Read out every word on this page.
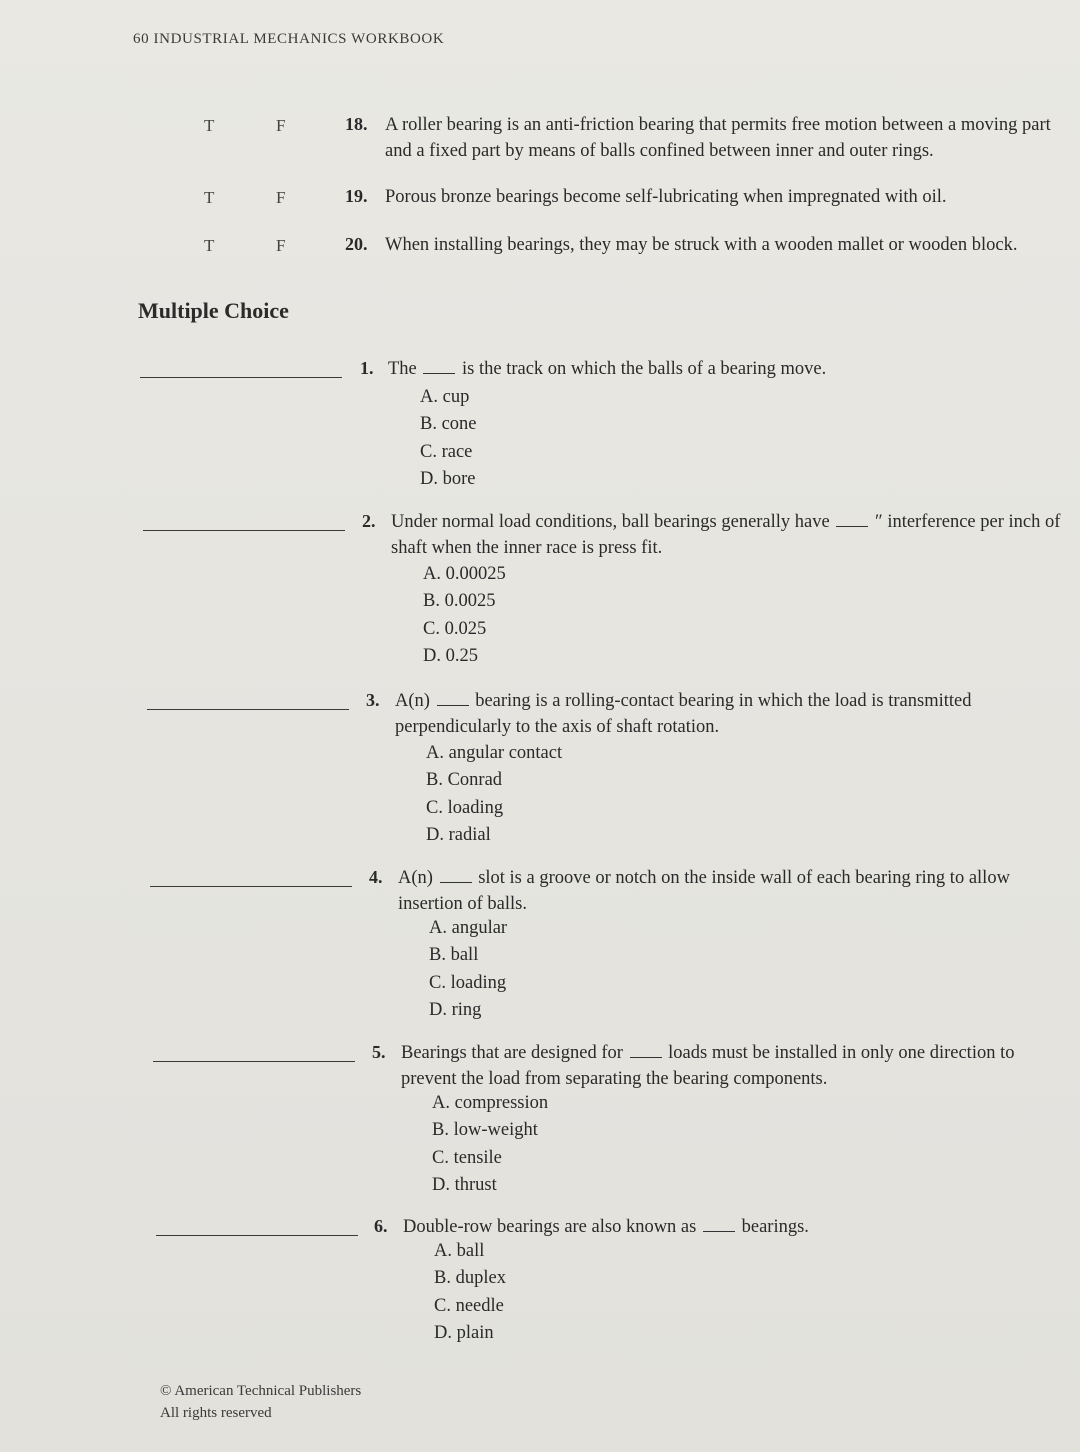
60 INDUSTRIAL MECHANICS WORKBOOK
T	F	18. A roller bearing is an anti-friction bearing that permits free motion between a moving part and a fixed part by means of balls confined between inner and outer rings.
T	F	19. Porous bronze bearings become self-lubricating when impregnated with oil.
T	F	20. When installing bearings, they may be struck with a wooden mallet or wooden block.
Multiple Choice
1. The is the track on which the balls of a bearing move.
A. cup
B. cone
C. race
D. bore
2. Under normal load conditions, ball bearings generally have ″ interference per inch of shaft when the inner race is press fit.
A. 0.00025
B. 0.0025
C. 0.025
D. 0.25
3. A(n) bearing is a rolling-contact bearing in which the load is transmitted perpendicularly to the axis of shaft rotation.
A. angular contact
B. Conrad
C. loading
D. radial
4. A(n) slot is a groove or notch on the inside wall of each bearing ring to allow insertion of balls.
A. angular
B. ball
C. loading
D. ring
5. Bearings that are designed for loads must be installed in only one direction to prevent the load from separating the bearing components.
A. compression
B. low-weight
C. tensile
D. thrust
6. Double-row bearings are also known as bearings.
A. ball
B. duplex
C. needle
D. plain
© American Technical Publishers
All rights reserved
